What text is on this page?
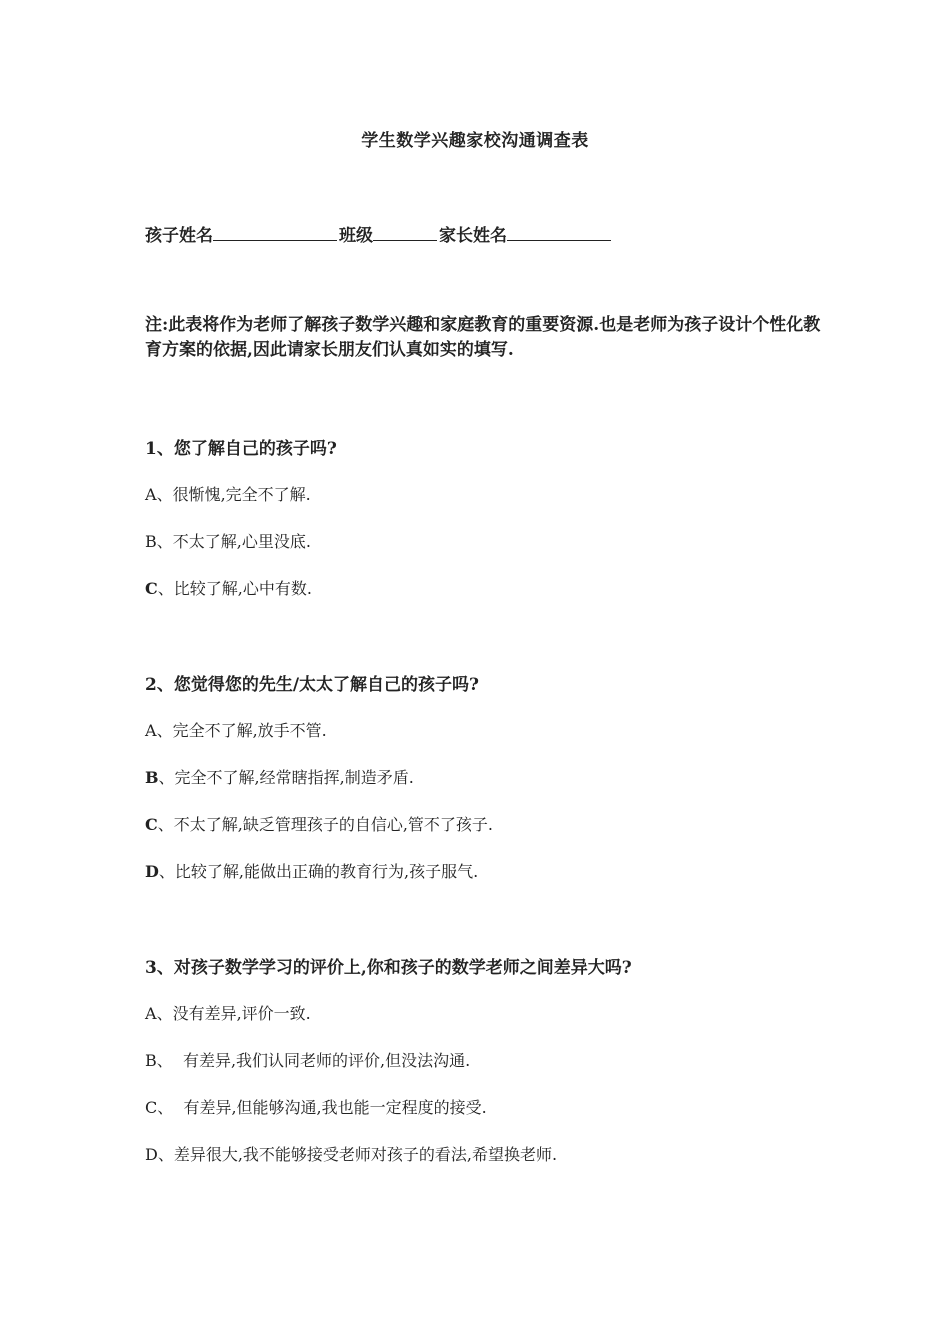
学生数学兴趣家校沟通调查表
孩子姓名	班级	家长姓名
注:此表将作为老师了解孩子数学兴趣和家庭教育的重要资源.也是老师为孩子设计个性化教育方案的依据,因此请家长朋友们认真如实的填写.
1、您了解自己的孩子吗?
A、很惭愧,完全不了解.
B、不太了解,心里没底.
C、比较了解,心中有数.
2、您觉得您的先生/太太了解自己的孩子吗?
A、完全不了解,放手不管.
B、完全不了解,经常瞎指挥,制造矛盾.
C、不太了解,缺乏管理孩子的自信心,管不了孩子.
D、比较了解,能做出正确的教育行为,孩子服气.
3、对孩子数学学习的评价上,你和孩子的数学老师之间差异大吗?
A、没有差异,评价一致.
B、  有差异,我们认同老师的评价,但没法沟通.
C、  有差异,但能够沟通,我也能一定程度的接受.
D、差异很大,我不能够接受老师对孩子的看法,希望换老师.
